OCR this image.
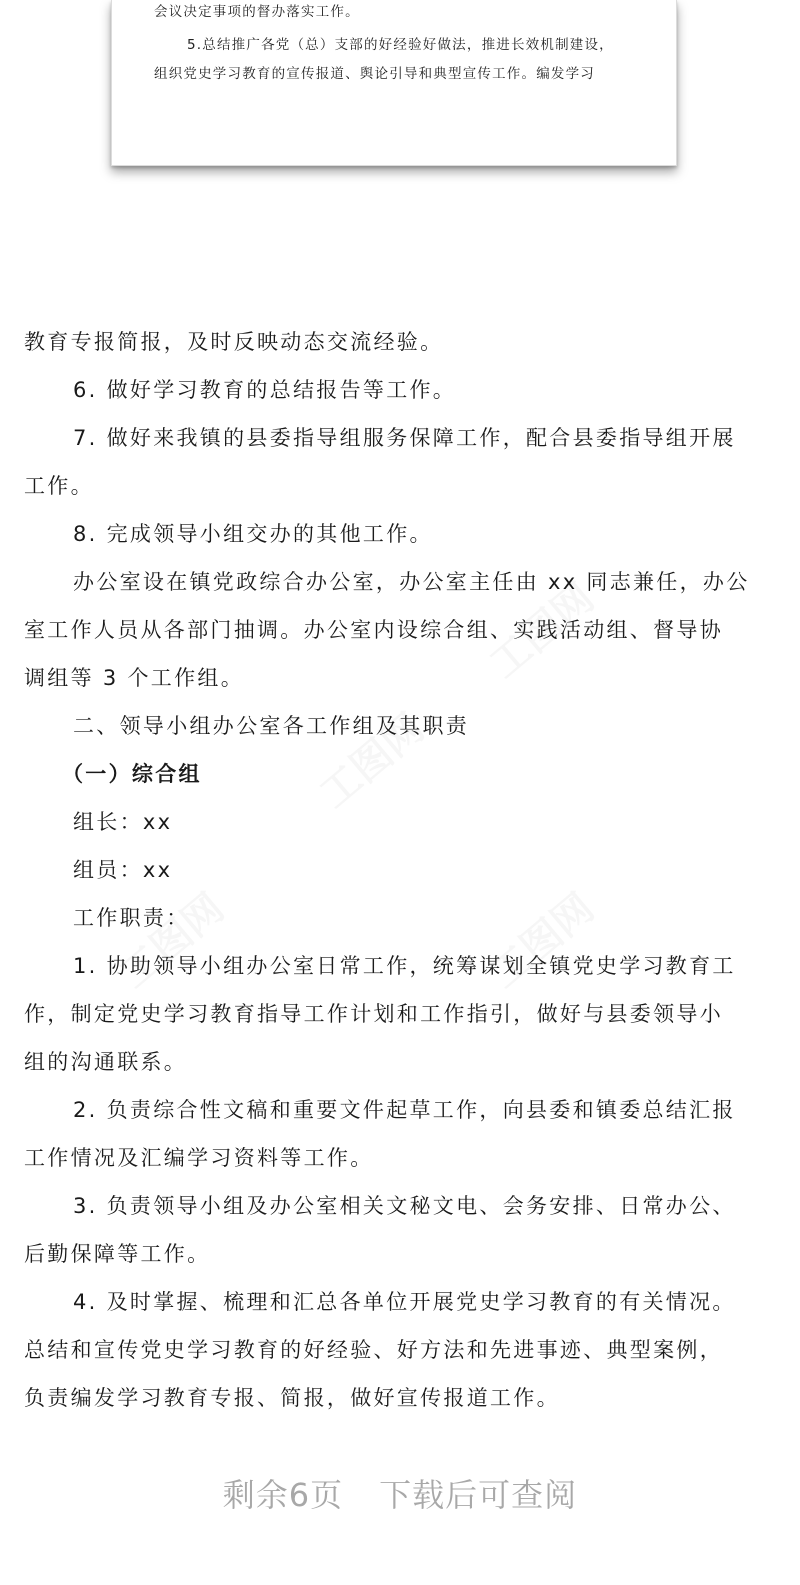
会议决定事项的督办落实工作。
5.总结推广各党（总）支部的好经验好做法，推进长效机制建设，
组织党史学习教育的宣传报道、舆论引导和典型宣传工作。编发学习
教育专报简报，及时反映动态交流经验。
6. 做好学习教育的总结报告等工作。
7. 做好来我镇的县委指导组服务保障工作，配合县委指导组开展
工作。
8. 完成领导小组交办的其他工作。
办公室设在镇党政综合办公室，办公室主任由 xx 同志兼任，办公
室工作人员从各部门抽调。办公室内设综合组、实践活动组、督导协
调组等 3 个工作组。
二、领导小组办公室各工作组及其职责
（一）综合组
组长：xx
组员：xx
工作职责：
1. 协助领导小组办公室日常工作，统筹谋划全镇党史学习教育工
作，制定党史学习教育指导工作计划和工作指引，做好与县委领导小
组的沟通联系。
2. 负责综合性文稿和重要文件起草工作，向县委和镇委总结汇报
工作情况及汇编学习资料等工作。
3. 负责领导小组及办公室相关文秘文电、会务安排、日常办公、
后勤保障等工作。
4. 及时掌握、梳理和汇总各单位开展党史学习教育的有关情况。
总结和宣传党史学习教育的好经验、好方法和先进事迹、典型案例，
负责编发学习教育专报、简报，做好宣传报道工作。
剩余6页 下载后可查阅
